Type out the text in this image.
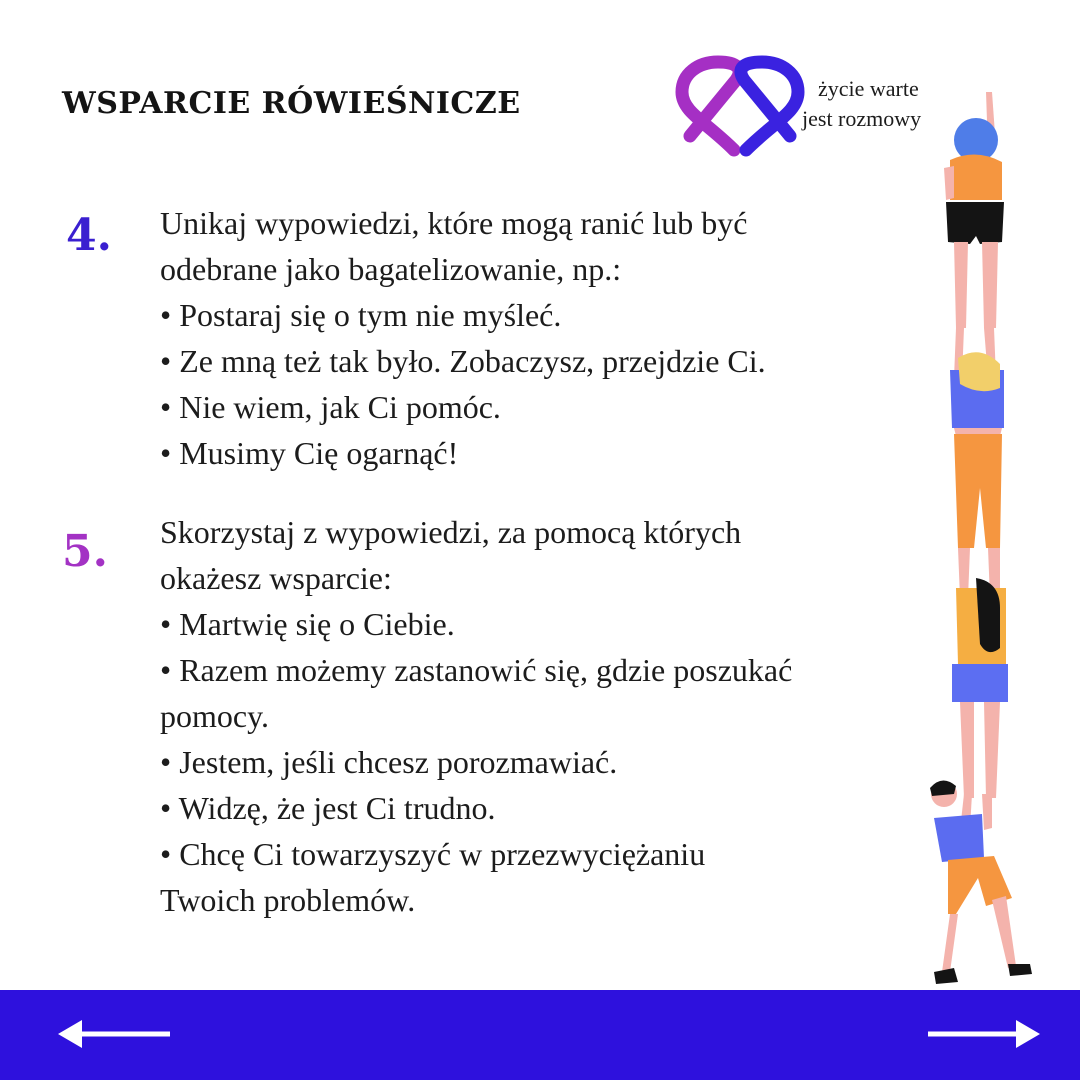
WSPARCIE RÓWIEŚNICZE	życie warte
jest rozmowy
4. Unikaj wypowiedzi, które mogą ranić lub być odebrane jako bagatelizowanie, np.:
• Postaraj się o tym nie myśleć.
• Ze mną też tak było. Zobaczysz, przejdzie Ci.
• Nie wiem, jak Ci pomóc.
• Musimy Cię ogarnąć!
5. Skorzystaj z wypowiedzi, za pomocą których okażesz wsparcie:
• Martwię się o Ciebie.
• Razem możemy zastanowić się, gdzie poszukać pomocy.
• Jestem, jeśli chcesz porozmawiać.
• Widzę, że jest Ci trudno.
• Chcę Ci towarzyszyć w przezwyciężaniu Twoich problemów.
